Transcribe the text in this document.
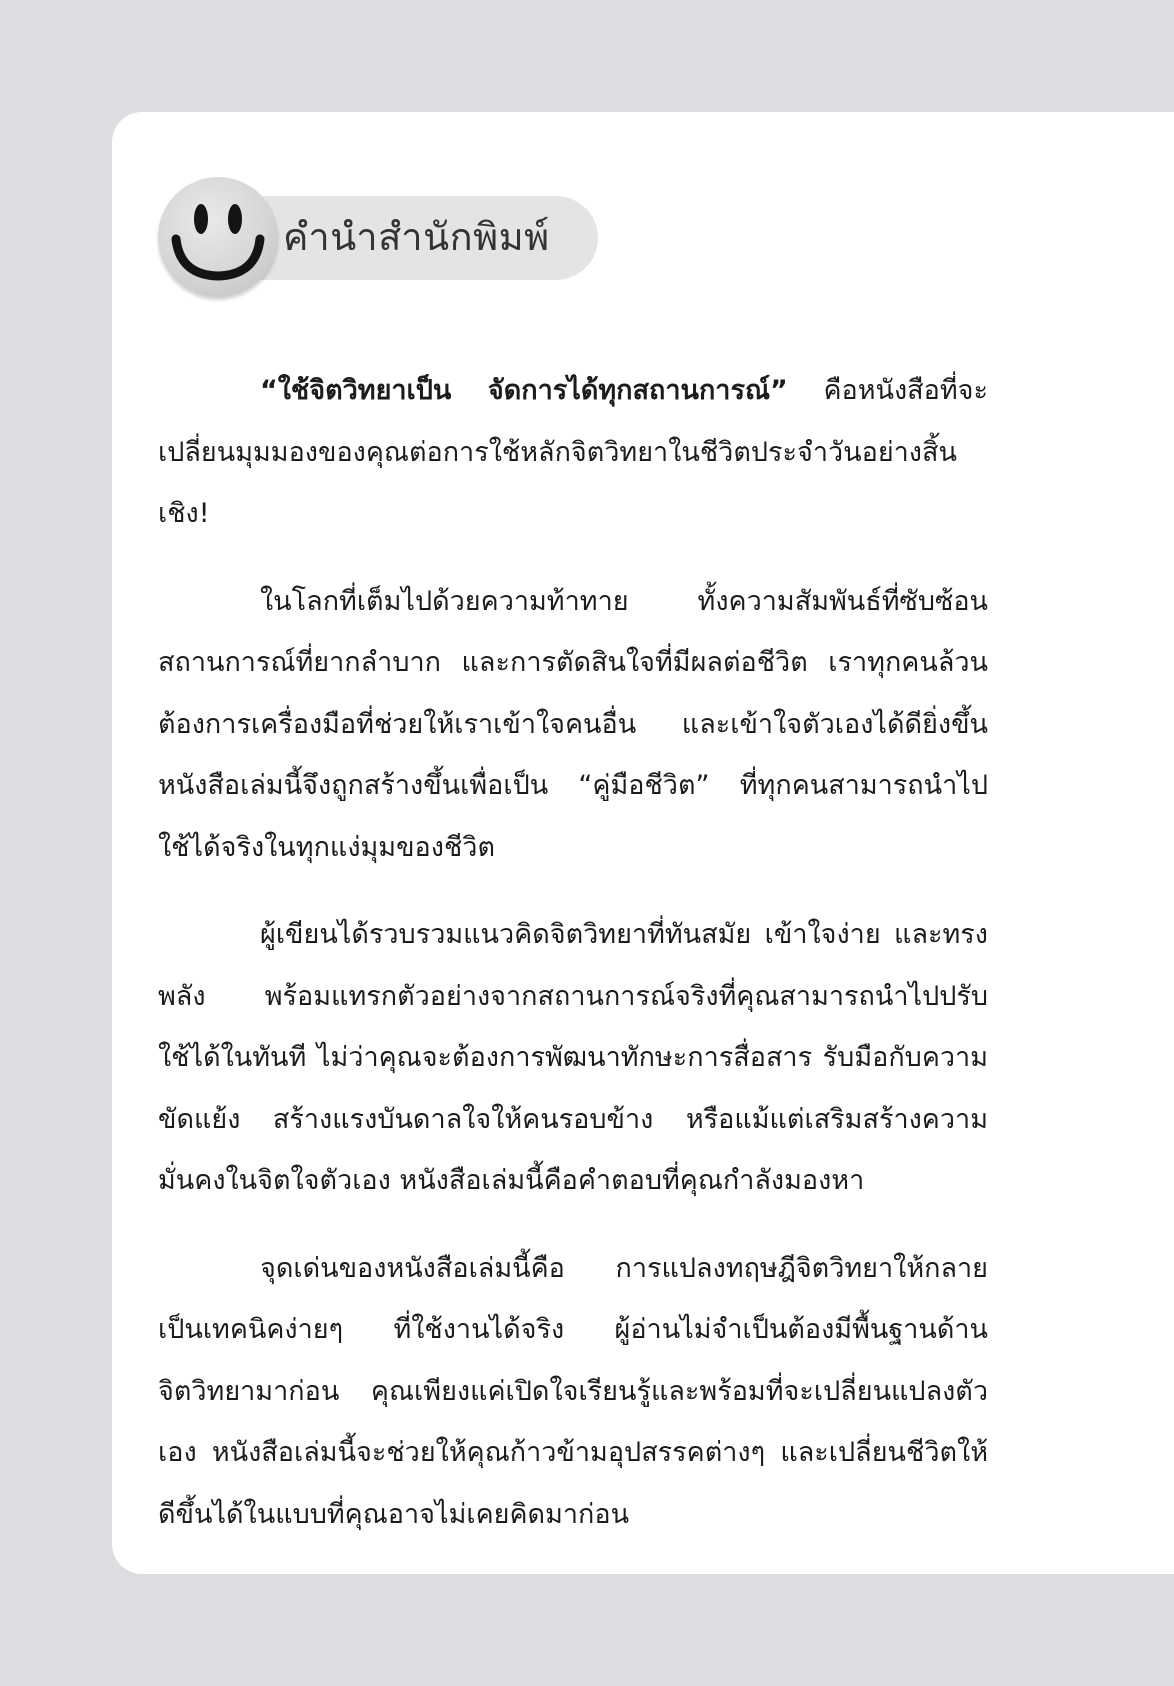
คำนำสำนักพิมพ์

“ใช้จิตวิทยาเป็น จัดการได้ทุกสถานการณ์” คือหนังสือที่จะเปลี่ยนมุมมองของคุณต่อการใช้หลักจิตวิทยาในชีวิตประจำวันอย่างสิ้นเชิง!

ในโลกที่เต็มไปด้วยความท้าทาย ทั้งความสัมพันธ์ที่ซับซ้อน สถานการณ์ที่ยากลำบาก และการตัดสินใจที่มีผลต่อชีวิต เราทุกคนล้วนต้องการเครื่องมือที่ช่วยให้เราเข้าใจคนอื่น และเข้าใจตัวเองได้ดียิ่งขึ้น หนังสือเล่มนี้จึงถูกสร้างขึ้นเพื่อเป็น “คู่มือชีวิต” ที่ทุกคนสามารถนำไปใช้ได้จริงในทุกแง่มุมของชีวิต

ผู้เขียนได้รวบรวมแนวคิดจิตวิทยาที่ทันสมัย เข้าใจง่าย และทรงพลัง พร้อมแทรกตัวอย่างจากสถานการณ์จริงที่คุณสามารถนำไปปรับใช้ได้ในทันที ไม่ว่าคุณจะต้องการพัฒนาทักษะการสื่อสาร รับมือกับความขัดแย้ง สร้างแรงบันดาลใจให้คนรอบข้าง หรือแม้แต่เสริมสร้างความมั่นคงในจิตใจตัวเอง หนังสือเล่มนี้คือคำตอบที่คุณกำลังมองหา

จุดเด่นของหนังสือเล่มนี้คือ การแปลงทฤษฎีจิตวิทยาให้กลายเป็นเทคนิคง่ายๆ ที่ใช้งานได้จริง ผู้อ่านไม่จำเป็นต้องมีพื้นฐานด้านจิตวิทยามาก่อน คุณเพียงแค่เปิดใจเรียนรู้และพร้อมที่จะเปลี่ยนแปลงตัวเอง หนังสือเล่มนี้จะช่วยให้คุณก้าวข้ามอุปสรรคต่างๆ และเปลี่ยนชีวิตให้ดีขึ้นได้ในแบบที่คุณอาจไม่เคยคิดมาก่อน
